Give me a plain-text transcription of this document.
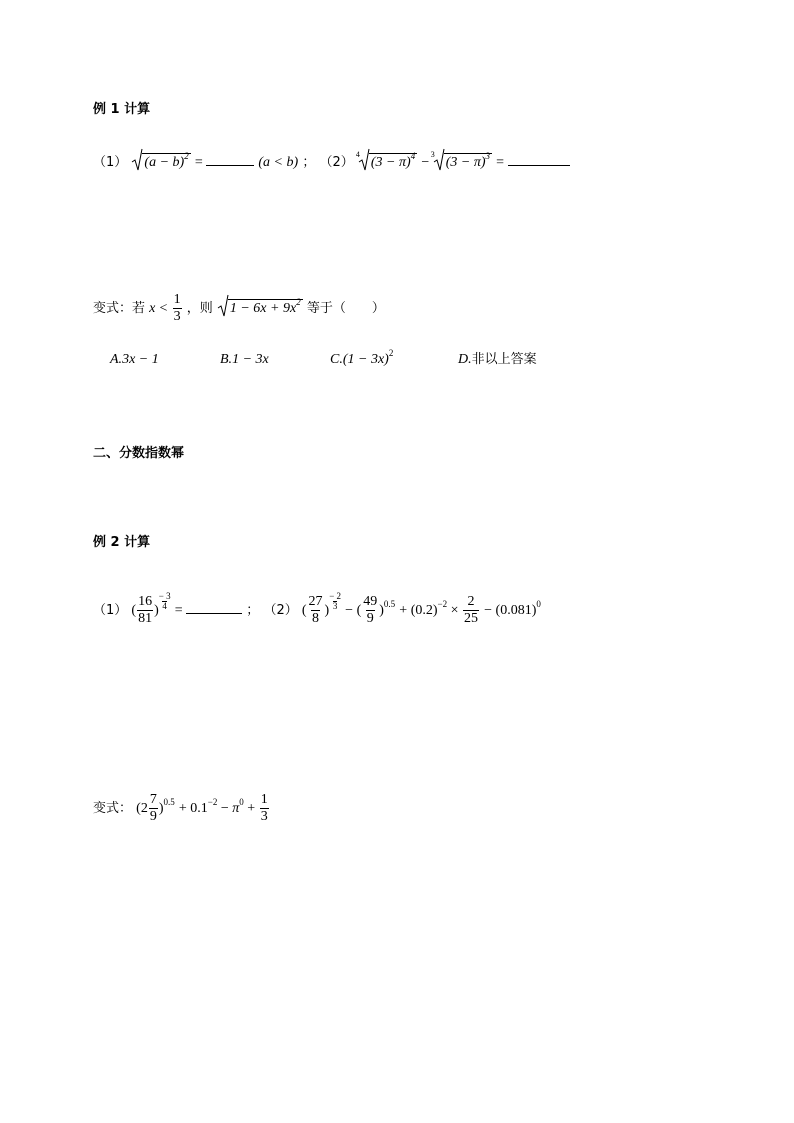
例 1 计算
（1） $(a - b)^2$ =	(a < b) ； （2）
4
$(3 - \pi)^4$ −
3
$(3 - \pi)^3$ =
变式：若 $x < \frac{1}{3}$ ，则 $1 - 6x + 9x^2$ 等于（　　）
A.3x − 1	B.1 − 3x	$C.(1 - 3x)^2$	D.非以上答案
二、分数指数幂
例 2 计算
（1） ( $\frac{16}{81}$ ) $\frac{- 3}{4}$ =	； （2） ( $\frac{27}{8}$ ) $\frac{- 2}{3}$ − ( $\frac{49}{9} )^{0.5} + (0.2)^{-2} \times \frac{2}{25} - (0.081)^0$
变式： $(2 \frac{7}{9} )^{0.5} + 0.1^{-2} - \pi^0 + \frac{1}{3}$
